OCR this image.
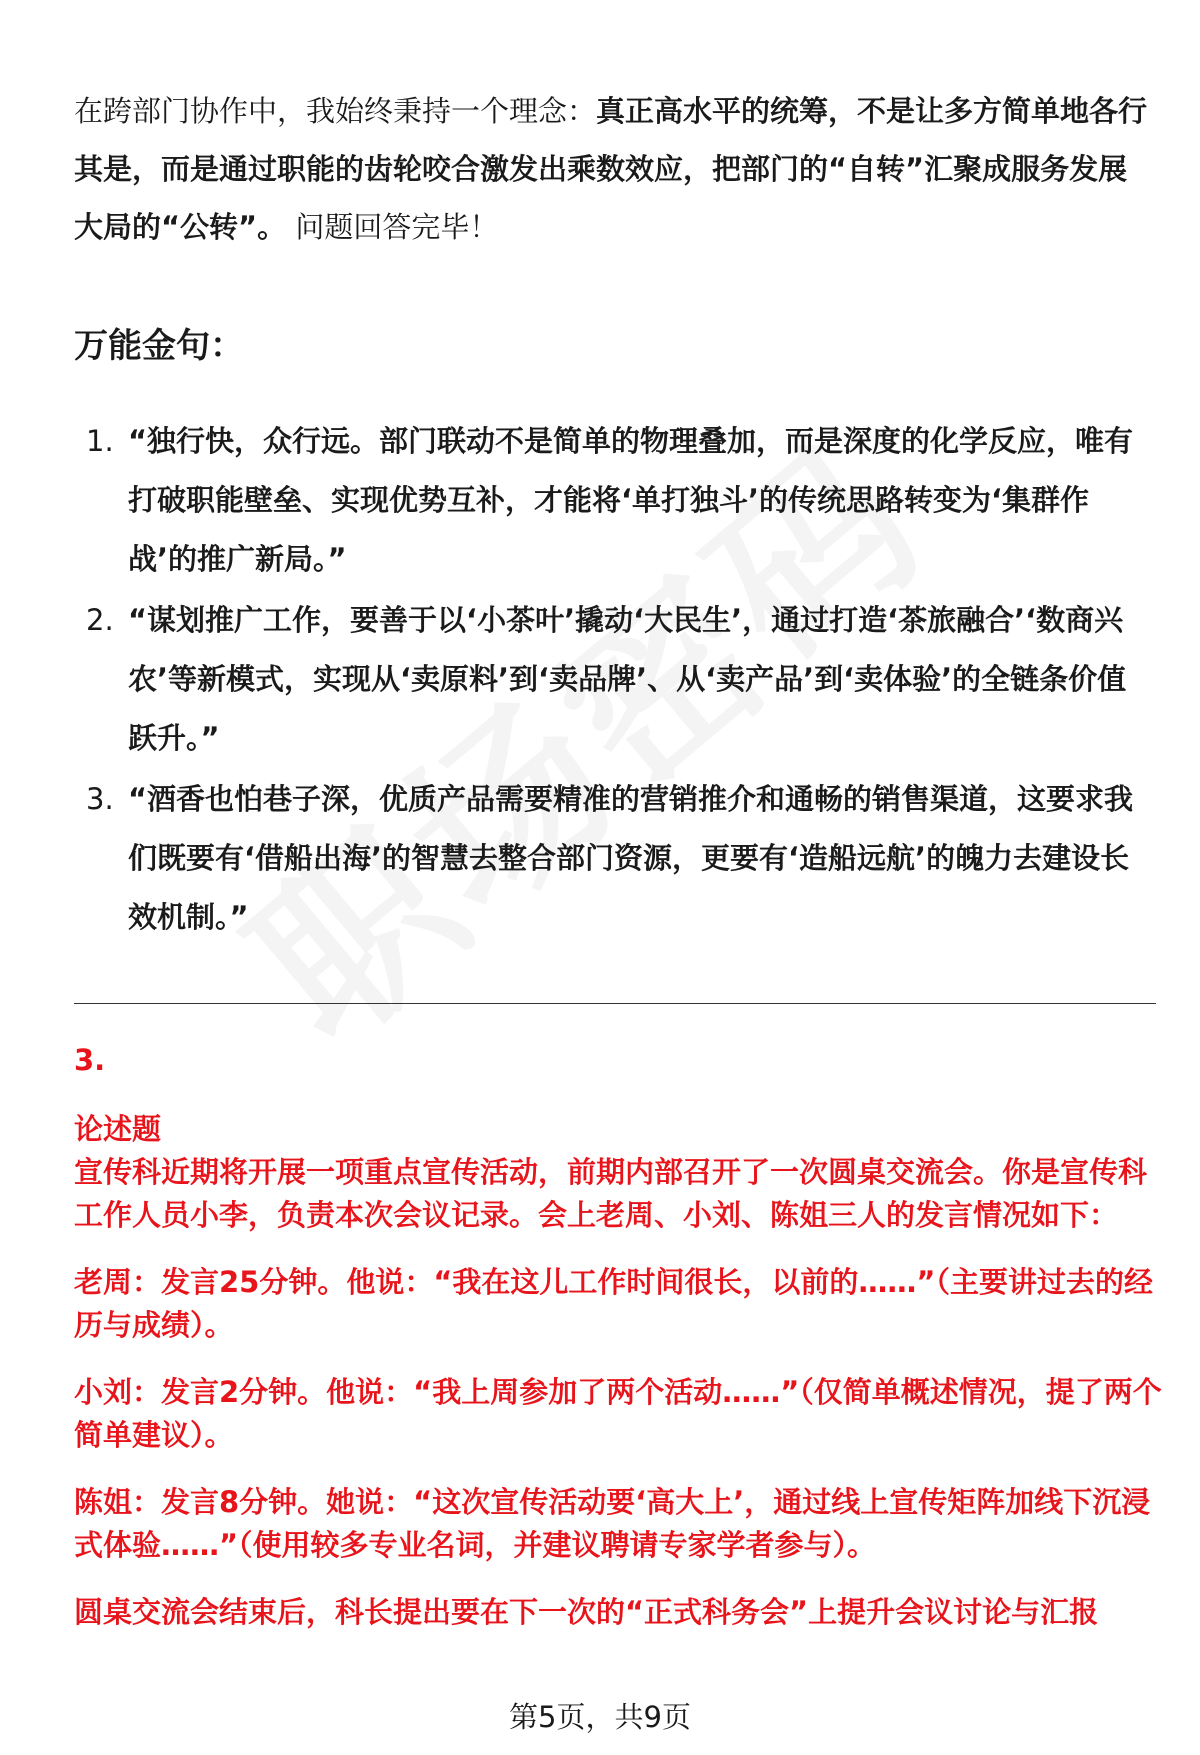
在跨部门协作中，我始终秉持一个理念：真正高水平的统筹，不是让多方简单地各行其是，而是通过职能的齿轮咬合激发出乘数效应，把部门的“自转”汇聚成服务发展大局的“公转”。 问题回答完毕！
万能金句：
1. “独行快，众行远。部门联动不是简单的物理叠加，而是深度的化学反应，唯有打破职能壁垒、实现优势互补，才能将‘单打独斗’的传统思路转变为‘集群作战’的推广新局。”
2. “谋划推广工作，要善于以‘小茶叶’撬动‘大民生’，通过打造‘茶旅融合’‘数商兴农’等新模式，实现从‘卖原料’到‘卖品牌’、从‘卖产品’到‘卖体验’的全链条价值跃升。”
3. “酒香也怕巷子深，优质产品需要精准的营销推介和通畅的销售渠道，这要求我们既要有‘借船出海’的智慧去整合部门资源，更要有‘造船远航’的魄力去建设长效机制。”
3.
论述题
宣传科近期将开展一项重点宣传活动，前期内部召开了一次圆桌交流会。你是宣传科工作人员小李，负责本次会议记录。会上老周、小刘、陈姐三人的发言情况如下：
老周：发言25分钟。他说：“我在这儿工作时间很长，以前的……”（主要讲过去的经历与成绩）。
小刘：发言2分钟。他说：“我上周参加了两个活动……”（仅简单概述情况，提了两个简单建议）。
陈姐：发言8分钟。她说：“这次宣传活动要‘高大上’，通过线上宣传矩阵加线下沉浸式体验……”（使用较多专业名词，并建议聘请专家学者参与）。
圆桌交流会结束后，科长提出要在下一次的“正式科务会”上提升会议讨论与汇报
第5页，共9页
